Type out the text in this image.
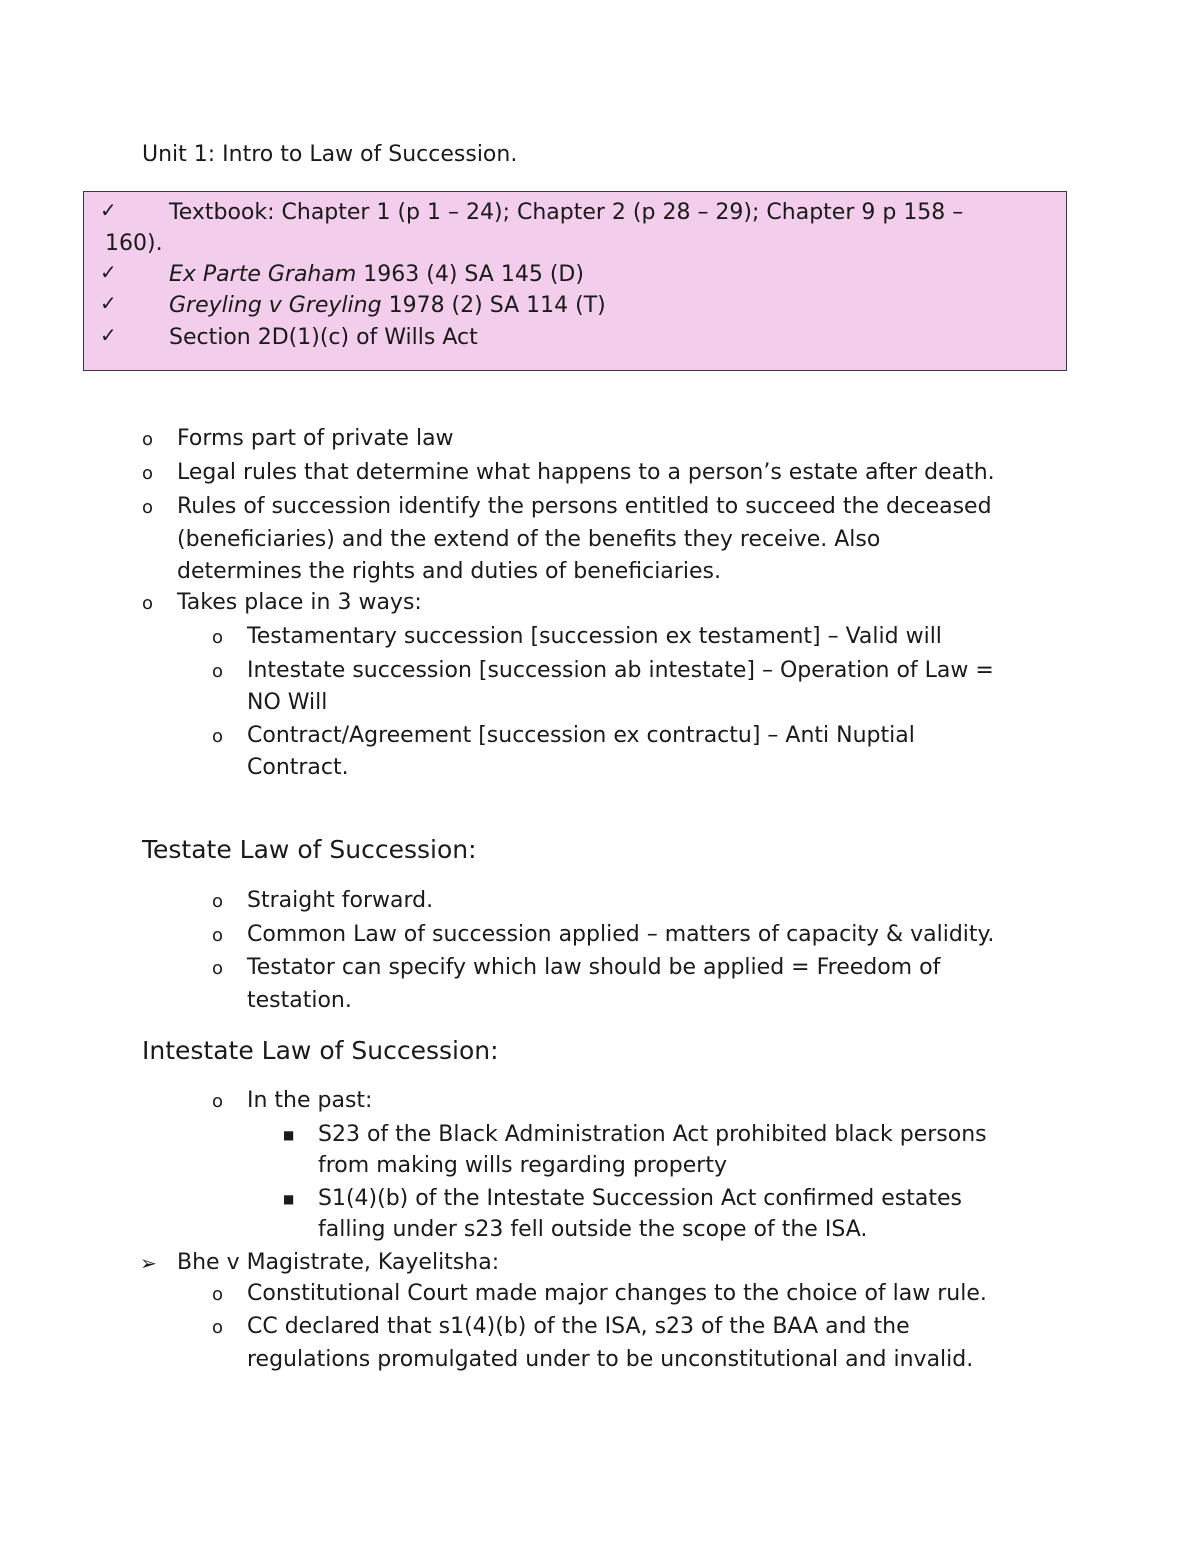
Unit 1: Intro to Law of Succession.
✓ Textbook: Chapter 1 (p 1 – 24); Chapter 2 (p 28 – 29); Chapter 9 p 158 –
160).
✓ Ex Parte Graham 1963 (4) SA 145 (D)
✓ Greyling v Greyling 1978 (2) SA 114 (T)
✓ Section 2D(1)(c) of Wills Act
o Forms part of private law
o Legal rules that determine what happens to a person’s estate after death.
o Rules of succession identify the persons entitled to succeed the deceased
(beneficiaries) and the extend of the benefits they receive. Also
determines the rights and duties of beneficiaries.
o Takes place in 3 ways:
o Testamentary succession [succession ex testament] – Valid will
o Intestate succession [succession ab intestate] – Operation of Law =
NO Will
o Contract/Agreement [succession ex contractu] – Anti Nuptial
Contract.
Testate Law of Succession:
o Straight forward.
o Common Law of succession applied – matters of capacity & validity.
o Testator can specify which law should be applied = Freedom of
testation.
Intestate Law of Succession:
o In the past:
■ S23 of the Black Administration Act prohibited black persons
from making wills regarding property
■ S1(4)(b) of the Intestate Succession Act confirmed estates
falling under s23 fell outside the scope of the ISA.
➢ Bhe v Magistrate, Kayelitsha:
o Constitutional Court made major changes to the choice of law rule.
o CC declared that s1(4)(b) of the ISA, s23 of the BAA and the
regulations promulgated under to be unconstitutional and invalid.
